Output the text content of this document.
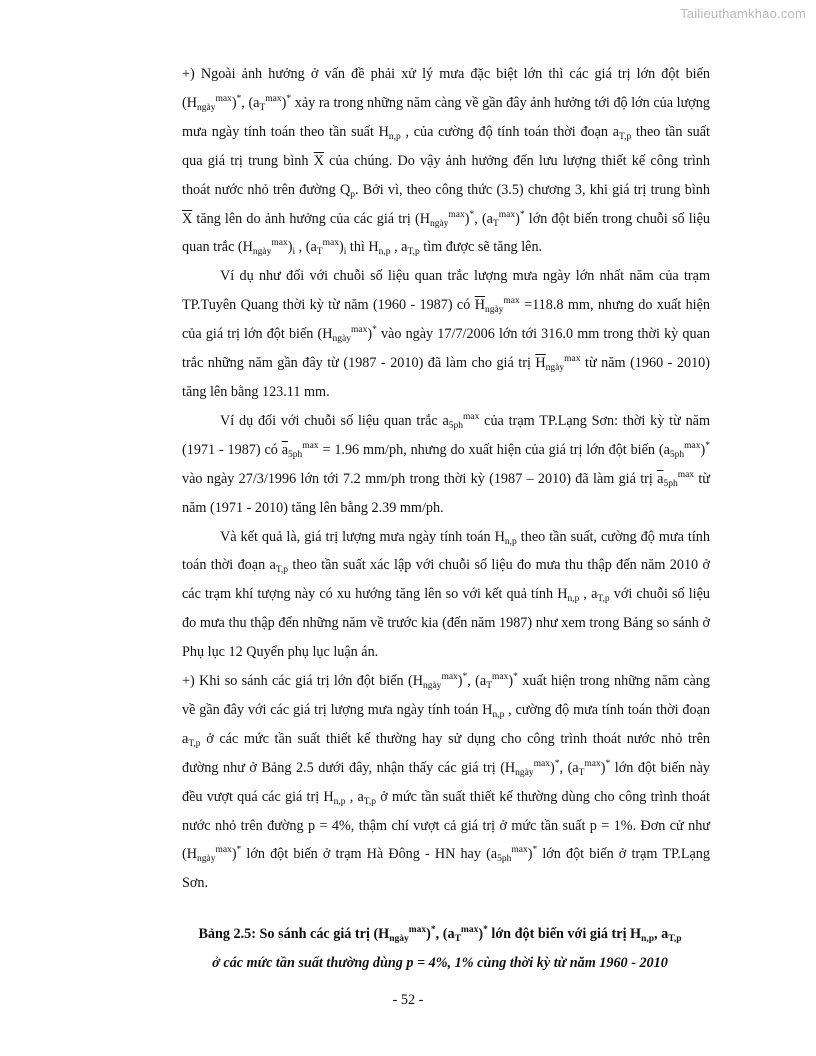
Tailieuthamkhao.com

+) Ngoài ảnh hưởng ở vấn đề phải xử lý mưa đặc biệt lớn thì các giá trị lớn đột biến $(H_{ngày}^{max})^*$, $(a_T^{max})^*$ xảy ra trong những năm càng về gần đây ảnh hưởng tới độ lớn của lượng mưa ngày tính toán theo tần suất $H_{n,p}$ , của cường độ tính toán thời đoạn $a_{T,p}$ theo tần suất qua giá trị trung bình $\overline{X}$ của chúng. Do vậy ảnh hưởng đến lưu lượng thiết kế công trình thoát nước nhỏ trên đường $Q_p$. Bởi vì, theo công thức (3.5) chương 3, khi giá trị trung bình $\overline{X}$ tăng lên do ảnh hưởng của các giá trị $(H_{ngày}^{max})^*$, $(a_T^{max})^*$ lớn đột biến trong chuỗi số liệu quan trắc $(H_{ngày}^{max})_i$ , $(a_T^{max})_i$ thì $H_{n,p}$ , $a_{T,p}$ tìm được sẽ tăng lên.

Ví dụ như đối với chuỗi số liệu quan trắc lượng mưa ngày lớn nhất năm của trạm TP.Tuyên Quang thời kỳ từ năm (1960 - 1987) có $\overline{H}_{ngày}^{max} =118.8$ mm, nhưng do xuất hiện của giá trị lớn đột biến $(H_{ngày}^{max})^*$ vào ngày 17/7/2006 lớn tới 316.0 mm trong thời kỳ quan trắc những năm gần đây từ (1987 - 2010) đã làm cho giá trị $\overline{H}_{ngày}^{max}$ từ năm (1960 - 2010) tăng lên bằng 123.11 mm.

Ví dụ đối với chuỗi số liệu quan trắc $a_{5ph}^{max}$ của trạm TP.Lạng Sơn: thời kỳ từ năm (1971 - 1987) có $\overline{a}_{5ph}^{max} = 1.96$ mm/ph, nhưng do xuất hiện của giá trị lớn đột biến $(a_{5ph}^{max})^*$ vào ngày 27/3/1996 lớn tới 7.2 mm/ph trong thời kỳ (1987 – 2010) đã làm giá trị $\overline{a}_{5ph}^{max}$ từ năm (1971 - 2010) tăng lên bằng 2.39 mm/ph.

Và kết quả là, giá trị lượng mưa ngày tính toán $H_{n,p}$ theo tần suất, cường độ mưa tính toán thời đoạn $a_{T,p}$ theo tần suất xác lập với chuỗi số liệu đo mưa thu thập đến năm 2010 ở các trạm khí tượng này có xu hướng tăng lên so với kết quả tính $H_{n,p}$ , $a_{T,p}$ với chuỗi số liệu đo mưa thu thập đến những năm về trước kia (đến năm 1987) như xem trong Bảng so sánh ở Phụ lục 12 Quyển phụ lục luận án.

+) Khi so sánh các giá trị lớn đột biến $(H_{ngày}^{max})^*$, $(a_T^{max})^*$ xuất hiện trong những năm càng về gần đây với các giá trị lượng mưa ngày tính toán $H_{n,p}$ , cường độ mưa tính toán thời đoạn $a_{T,p}$ ở các mức tần suất thiết kế thường hay sử dụng cho công trình thoát nước nhỏ trên đường như ở Bảng 2.5 dưới đây, nhận thấy các giá trị $(H_{ngày}^{max})^*$, $(a_T^{max})^*$ lớn đột biến này đều vượt quá các giá trị $H_{n,p}$ , $a_{T,p}$ ở mức tần suất thiết kế thường dùng cho công trình thoát nước nhỏ trên đường p = 4%, thậm chí vượt cả giá trị ở mức tần suất p = 1%. Đơn cử như $(H_{ngày}^{max})^*$ lớn đột biến ở trạm Hà Đông - HN hay $(a_{5ph}^{max})^*$ lớn đột biến ở trạm TP.Lạng Sơn.

Bảng 2.5: So sánh các giá trị $(H_{ngày}^{max})^*$, $(a_T^{max})^*$ lớn đột biến với giá trị $H_{n,p}$, $a_{T,p}$
ở các mức tần suất thường dùng p = 4%, 1% cùng thời kỳ từ năm 1960 - 2010
- 52 -
